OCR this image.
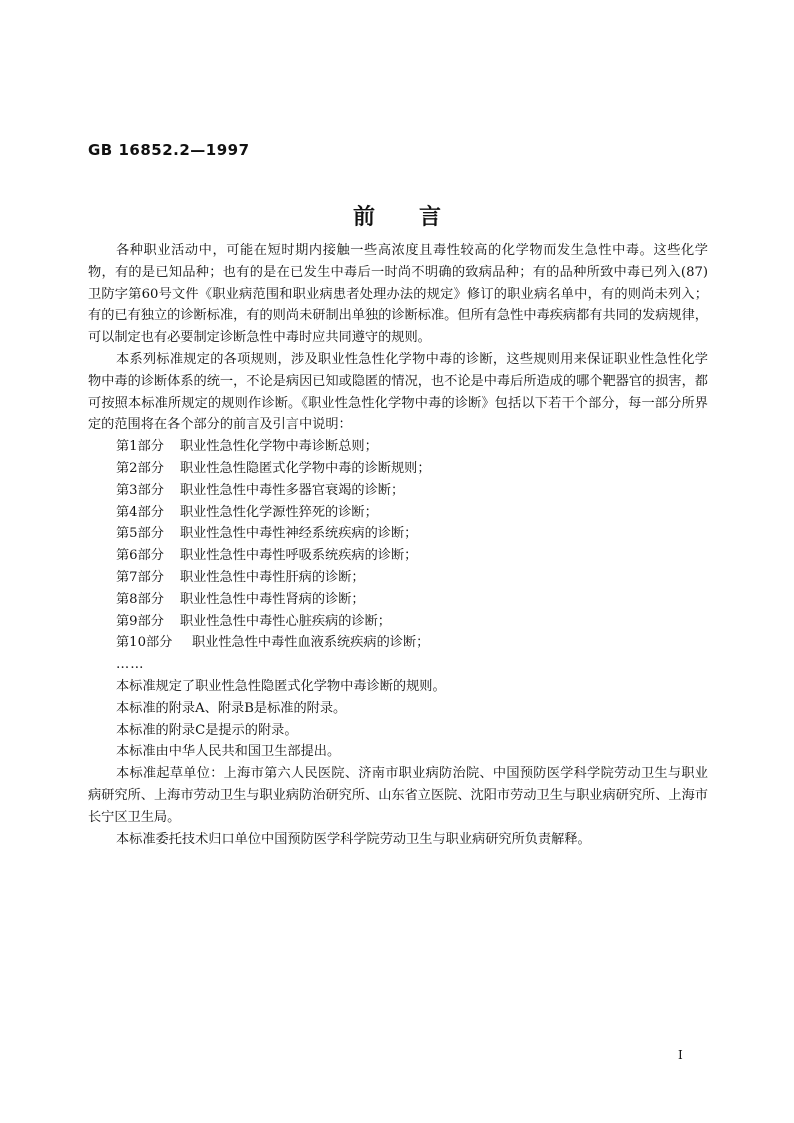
GB 16852.2—1997
前 言

各种职业活动中，可能在短时期内接触一些高浓度且毒性较高的化学物而发生急性中毒。这些化学物，有的是已知品种；也有的是在已发生中毒后一时尚不明确的致病品种；有的品种所致中毒已列入(87)卫防字第60号文件《职业病范围和职业病患者处理办法的规定》修订的职业病名单中，有的则尚未列入；有的已有独立的诊断标准，有的则尚未研制出单独的诊断标准。但所有急性中毒疾病都有共同的发病规律，可以制定也有必要制定诊断急性中毒时应共同遵守的规则。

本系列标准规定的各项规则，涉及职业性急性化学物中毒的诊断，这些规则用来保证职业性急性化学物中毒的诊断体系的统一，不论是病因已知或隐匿的情况，也不论是中毒后所造成的哪个靶器官的损害，都可按照本标准所规定的规则作诊断。《职业性急性化学物中毒的诊断》包括以下若干个部分，每一部分所界定的范围将在各个部分的前言及引言中说明：

第1部分 职业性急性化学物中毒诊断总则；

第2部分 职业性急性隐匿式化学物中毒的诊断规则；

第3部分 职业性急性中毒性多器官衰竭的诊断；

第4部分 职业性急性化学源性猝死的诊断；

第5部分 职业性急性中毒性神经系统疾病的诊断；

第6部分 职业性急性中毒性呼吸系统疾病的诊断；

第7部分 职业性急性中毒性肝病的诊断；

第8部分 职业性急性中毒性肾病的诊断；

第9部分 职业性急性中毒性心脏疾病的诊断；

第10部分 职业性急性中毒性血液系统疾病的诊断；

……

本标准规定了职业性急性隐匿式化学物中毒诊断的规则。

本标准的附录A、附录B是标准的附录。

本标准的附录C是提示的附录。

本标准由中华人民共和国卫生部提出。

本标准起草单位：上海市第六人民医院、济南市职业病防治院、中国预防医学科学院劳动卫生与职业病研究所、上海市劳动卫生与职业病防治研究所、山东省立医院、沈阳市劳动卫生与职业病研究所、上海市长宁区卫生局。

本标准委托技术归口单位中国预防医学科学院劳动卫生与职业病研究所负责解释。

I
